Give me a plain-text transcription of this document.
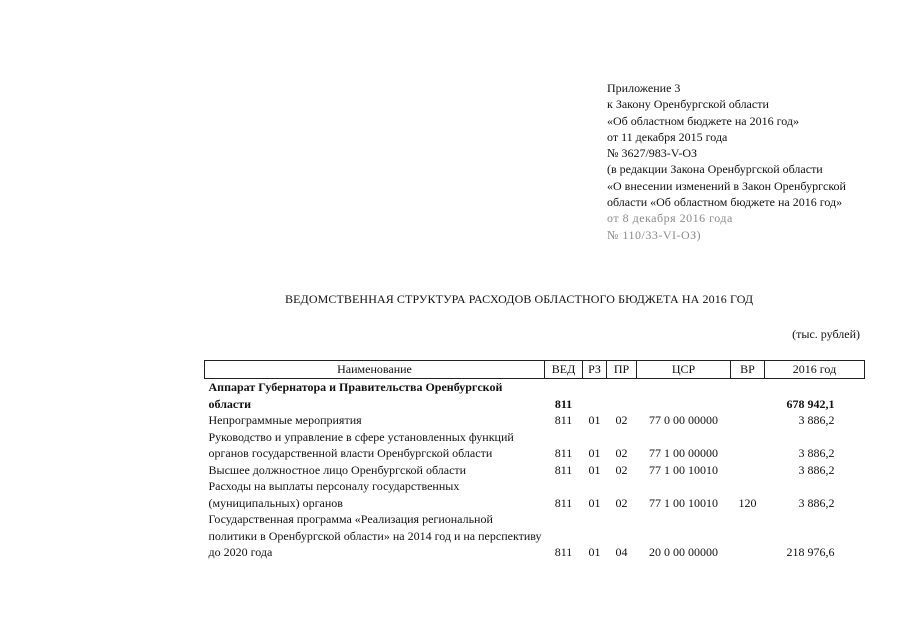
Приложение 3
к Закону Оренбургской области
«Об областном бюджете на 2016 год»
от 11 декабря 2015 года
№ 3627/983-V-ОЗ
(в редакции Закона Оренбургской области
«О внесении изменений в Закон Оренбургской
области «Об областном бюджете на 2016 год»
от 8 декабря 2016 года
№ 110/33-VI-ОЗ)
ВЕДОМСТВЕННАЯ СТРУКТУРА РАСХОДОВ ОБЛАСТНОГО БЮДЖЕТА НА 2016 ГОД
(тыс. рублей)
Наименование	ВЕД	РЗ	ПР	ЦСР	ВР	2016 год
Аппарат Губернатора и Правительства Оренбургской области	811					678 942,1
Непрограммные мероприятия	811	01	02	77 0 00 00000		3 886,2
Руководство и управление в сфере установленных функций органов государственной власти Оренбургской области	811	01	02	77 1 00 00000		3 886,2
Высшее должностное лицо Оренбургской области	811	01	02	77 1 00 10010		3 886,2
Расходы на выплаты персоналу государственных (муниципальных) органов	811	01	02	77 1 00 10010	120	3 886,2
Государственная программа «Реализация региональной политики в Оренбургской области» на 2014 год и на перспективу до 2020 года	811	01	04	20 0 00 00000		218 976,6
